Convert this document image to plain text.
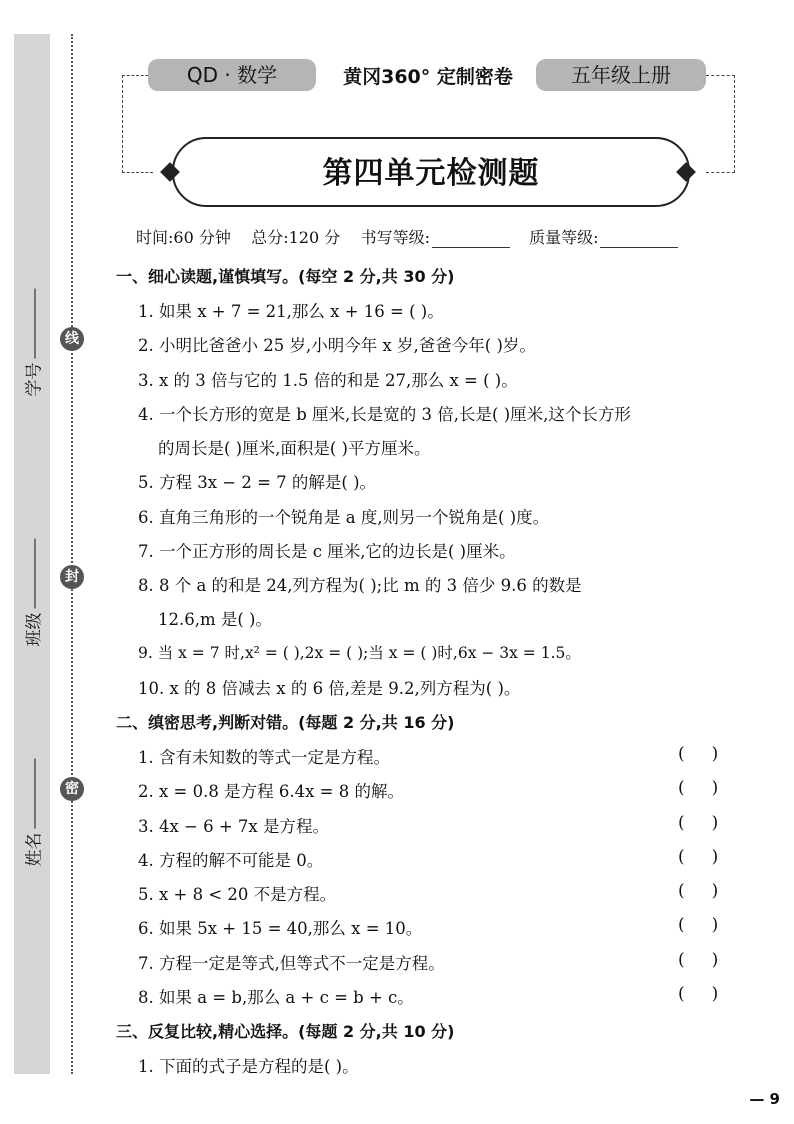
学号
班级
姓名
线
封
密
QD · 数学	黄冈360° 定制密卷	五年级上册
第四单元检测题
时间:60 分钟 总分:120 分 书写等级:	质量等级:
一、细心读题,谨慎填写。(每空 2 分,共 30 分)
1. 如果 x + 7 = 21,那么 x + 16 = ( )。
2. 小明比爸爸小 25 岁,小明今年 x 岁,爸爸今年( )岁。
3. x 的 3 倍与它的 1.5 倍的和是 27,那么 x = ( )。
4. 一个长方形的宽是 b 厘米,长是宽的 3 倍,长是( )厘米,这个长方形
的周长是( )厘米,面积是( )平方厘米。
5. 方程 3x − 2 = 7 的解是( )。
6. 直角三角形的一个锐角是 a 度,则另一个锐角是( )度。
7. 一个正方形的周长是 c 厘米,它的边长是( )厘米。
8. 8 个 a 的和是 24,列方程为( );比 m 的 3 倍少 9.6 的数是
12.6,m 是( )。
9. 当 x = 7 时,x² = ( ),2x = ( );当 x = ( )时,6x − 3x = 1.5。
10. x 的 8 倍减去 x 的 6 倍,差是 9.2,列方程为( )。
二、缜密思考,判断对错。(每题 2 分,共 16 分)
1. 含有未知数的等式一定是方程。	(     )
2. x = 0.8 是方程 6.4x = 8 的解。	(     )
3. 4x − 6 + 7x 是方程。	(     )
4. 方程的解不可能是 0。	(     )
5. x + 8 < 20 不是方程。	(     )
6. 如果 5x + 15 = 40,那么 x = 10。	(     )
7. 方程一定是等式,但等式不一定是方程。	(     )
8. 如果 a = b,那么 a + c = b + c。	(     )
三、反复比较,精心选择。(每题 2 分,共 10 分)
1. 下面的式子是方程的是( )。
— 9
